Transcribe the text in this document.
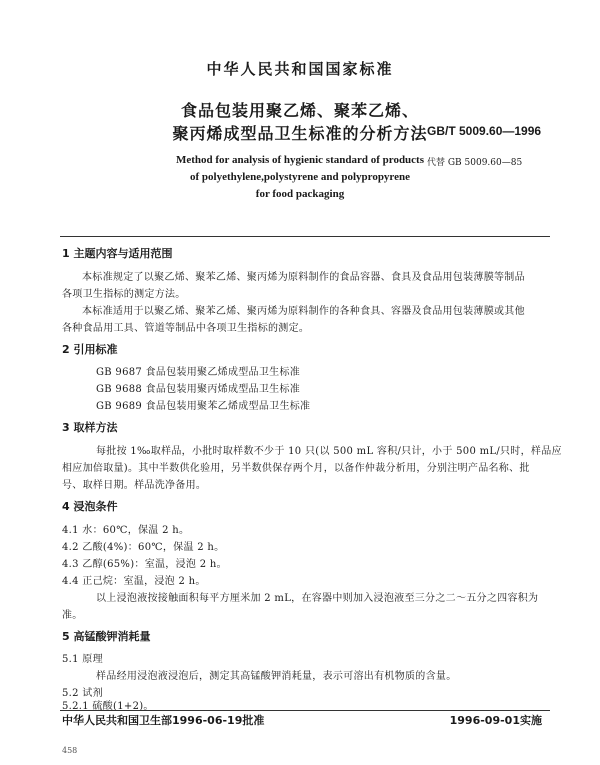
中华人民共和国国家标准
食品包装用聚乙烯、聚苯乙烯、
聚丙烯成型品卫生标准的分析方法 GB/T 5009.60—1996
代替 GB 5009.60—85
Method for analysis of hygienic standard of products
of polyethylene,polystyrene and polypropyrene
for food packaging
1 主题内容与适用范围
本标准规定了以聚乙烯、聚苯乙烯、聚丙烯为原料制作的食品容器、食具及食品用包装薄膜等制品
各项卫生指标的测定方法。
本标准适用于以聚乙烯、聚苯乙烯、聚丙烯为原料制作的各种食具、容器及食品用包装薄膜或其他
各种食品用工具、管道等制品中各项卫生指标的测定。
2 引用标准
GB 9687 食品包装用聚乙烯成型品卫生标准
GB 9688 食品包装用聚丙烯成型品卫生标准
GB 9689 食品包装用聚苯乙烯成型品卫生标准
3 取样方法
每批按 1‰取样品，小批时取样数不少于 10 只(以 500 mL 容积/只计，小于 500 mL/只时，样品应
相应加倍取量)。其中半数供化验用，另半数供保存两个月，以备作仲裁分析用，分别注明产品名称、批
号、取样日期。样品洗净备用。
4 浸泡条件
4.1 水：60℃，保温 2 h。
4.2 乙酸(4%)：60℃，保温 2 h。
4.3 乙醇(65%)：室温，浸泡 2 h。
4.4 正己烷：室温，浸泡 2 h。
以上浸泡液按接触面积每平方厘米加 2 mL，在容器中则加入浸泡液至三分之二～五分之四容积为
准。
5 高锰酸钾消耗量
5.1 原理
样品经用浸泡液浸泡后，测定其高锰酸钾消耗量，表示可溶出有机物质的含量。
5.2 试剂
5.2.1 硫酸(1+2)。
中华人民共和国卫生部1996-06-19批准	1996-09-01实施
458
